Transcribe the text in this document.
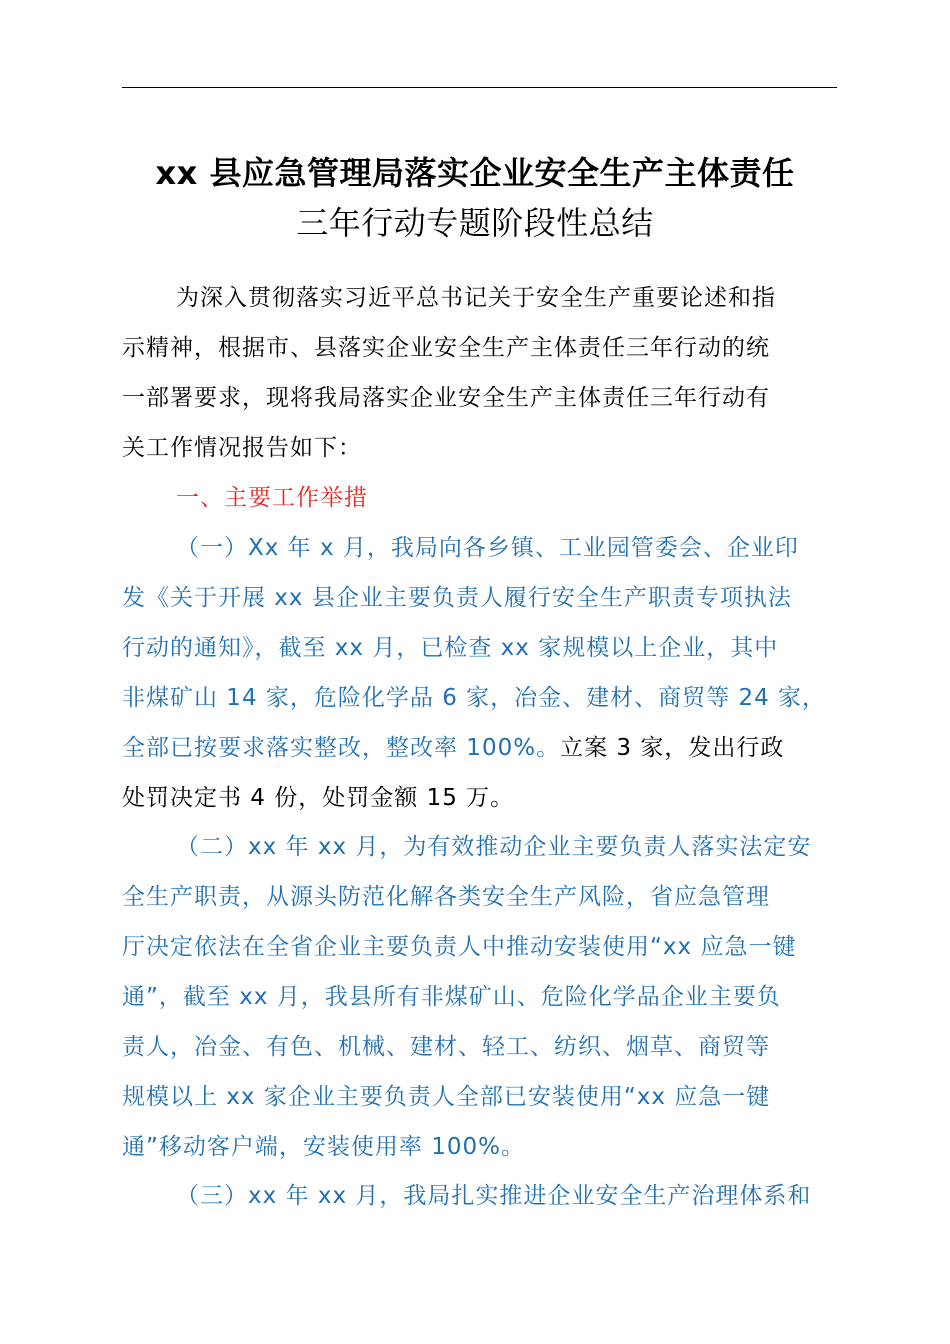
xx 县应急管理局落实企业安全生产主体责任
三年行动专题阶段性总结
为深入贯彻落实习近平总书记关于安全生产重要论述和指
示精神，根据市、县落实企业安全生产主体责任三年行动的统
一部署要求，现将我局落实企业安全生产主体责任三年行动有
关工作情况报告如下：
一、主要工作举措
（一）Xx 年 x 月，我局向各乡镇、工业园管委会、企业印
发《关于开展 xx 县企业主要负责人履行安全生产职责专项执法
行动的通知》，截至 xx 月，已检查 xx 家规模以上企业，其中
非煤矿山 14 家，危险化学品 6 家，冶金、建材、商贸等 24 家，
全部已按要求落实整改，整改率 100%。立案 3 家，发出行政
处罚决定书 4 份，处罚金额 15 万。
（二）xx 年 xx 月，为有效推动企业主要负责人落实法定安
全生产职责，从源头防范化解各类安全生产风险，省应急管理
厅决定依法在全省企业主要负责人中推动安装使用“xx 应急一键
通”，截至 xx 月，我县所有非煤矿山、危险化学品企业主要负
责人，冶金、有色、机械、建材、轻工、纺织、烟草、商贸等
规模以上 xx 家企业主要负责人全部已安装使用“xx 应急一键
通”移动客户端，安装使用率 100%。
（三）xx 年 xx 月，我局扎实推进企业安全生产治理体系和
